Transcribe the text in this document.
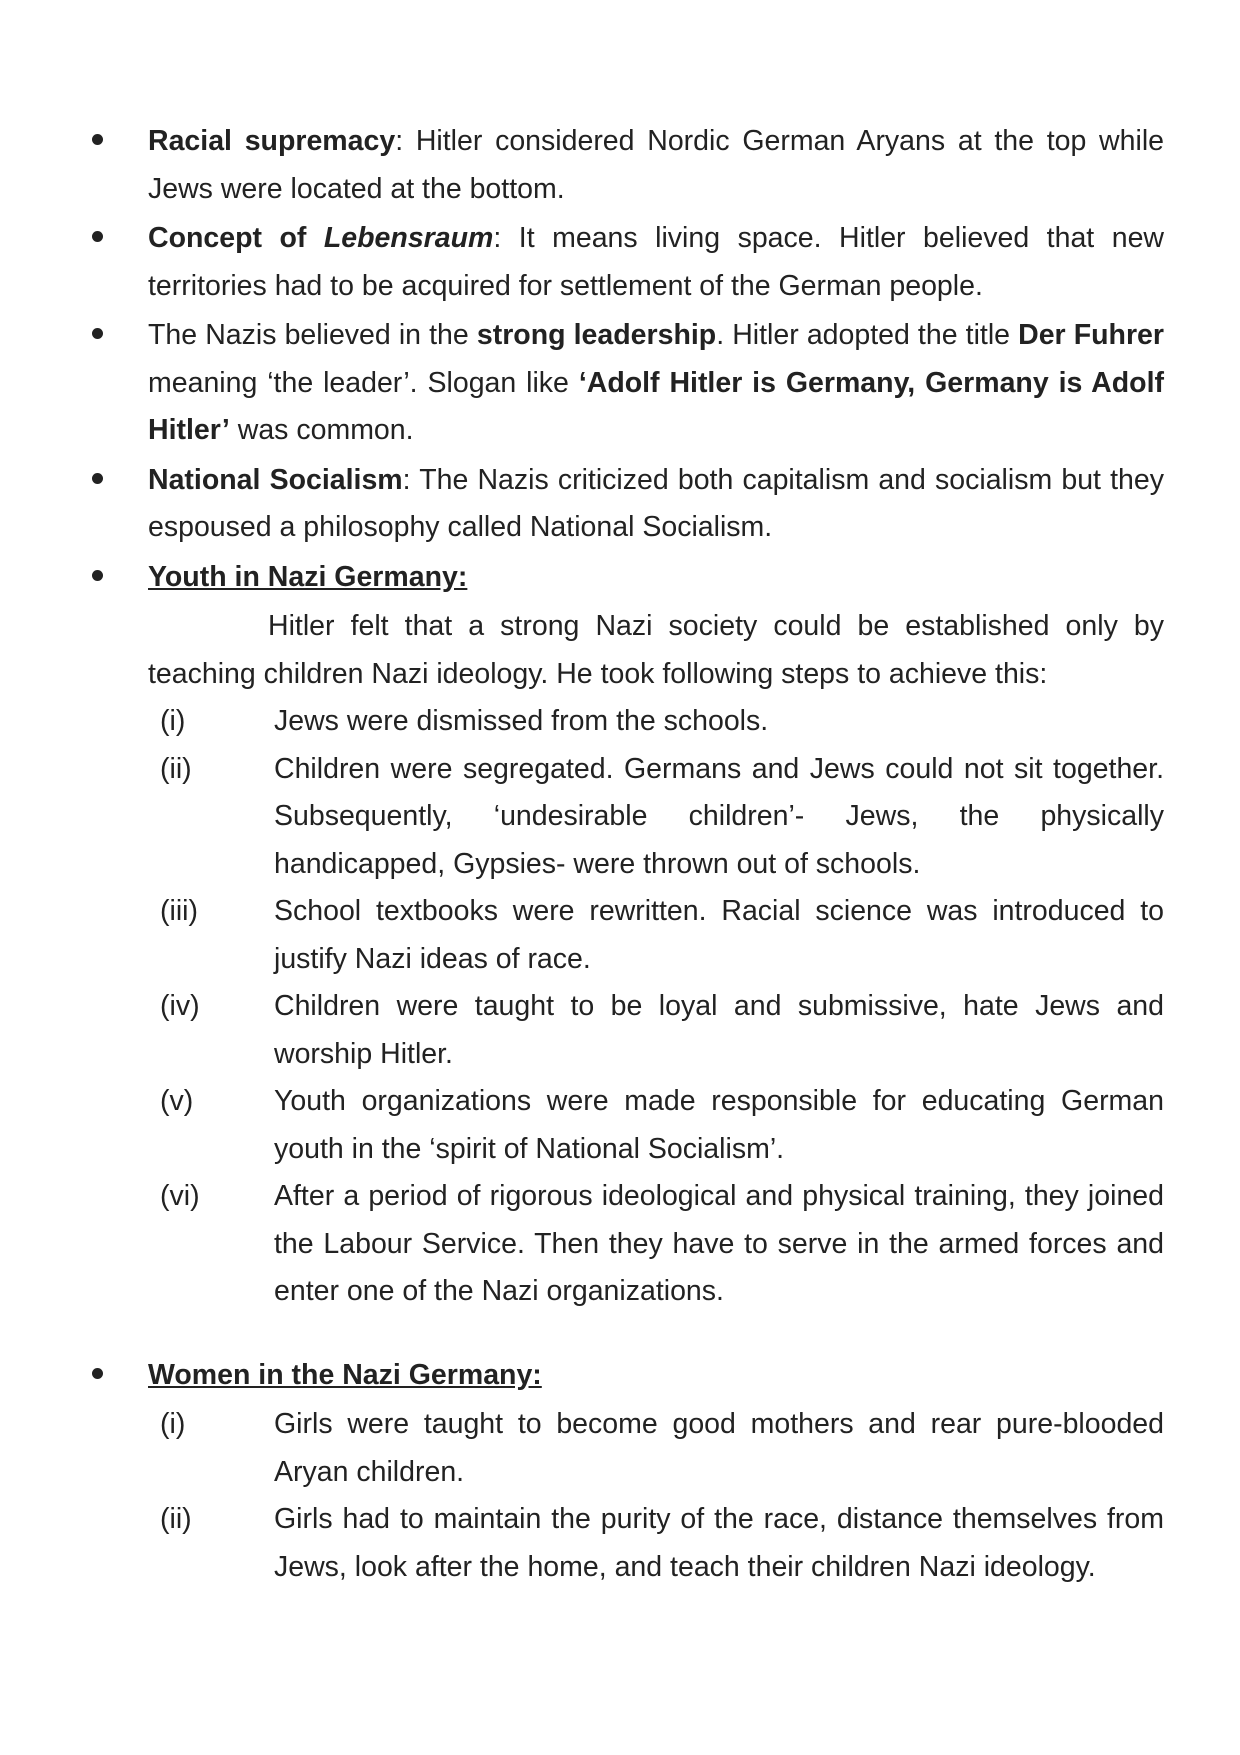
Racial supremacy: Hitler considered Nordic German Aryans at the top while Jews were located at the bottom.
Concept of Lebensraum: It means living space. Hitler believed that new territories had to be acquired for settlement of the German people.
The Nazis believed in the strong leadership. Hitler adopted the title Der Fuhrer meaning ‘the leader’. Slogan like ‘Adolf Hitler is Germany, Germany is Adolf Hitler’ was common.
National Socialism: The Nazis criticized both capitalism and socialism but they espoused a philosophy called National Socialism.
Youth in Nazi Germany:
Hitler felt that a strong Nazi society could be established only by teaching children Nazi ideology. He took following steps to achieve this:
(i)	Jews were dismissed from the schools.
(ii)	Children were segregated. Germans and Jews could not sit together. Subsequently, ‘undesirable children’- Jews, the physically handicapped, Gypsies- were thrown out of schools.
(iii)	School textbooks were rewritten. Racial science was introduced to justify Nazi ideas of race.
(iv)	Children were taught to be loyal and submissive, hate Jews and worship Hitler.
(v)	Youth organizations were made responsible for educating German youth in the ‘spirit of National Socialism’.
(vi)	After a period of rigorous ideological and physical training, they joined the Labour Service. Then they have to serve in the armed forces and enter one of the Nazi organizations.
Women in the Nazi Germany:
(i)	Girls were taught to become good mothers and rear pure-blooded Aryan children.
(ii)	Girls had to maintain the purity of the race, distance themselves from Jews, look after the home, and teach their children Nazi ideology.
